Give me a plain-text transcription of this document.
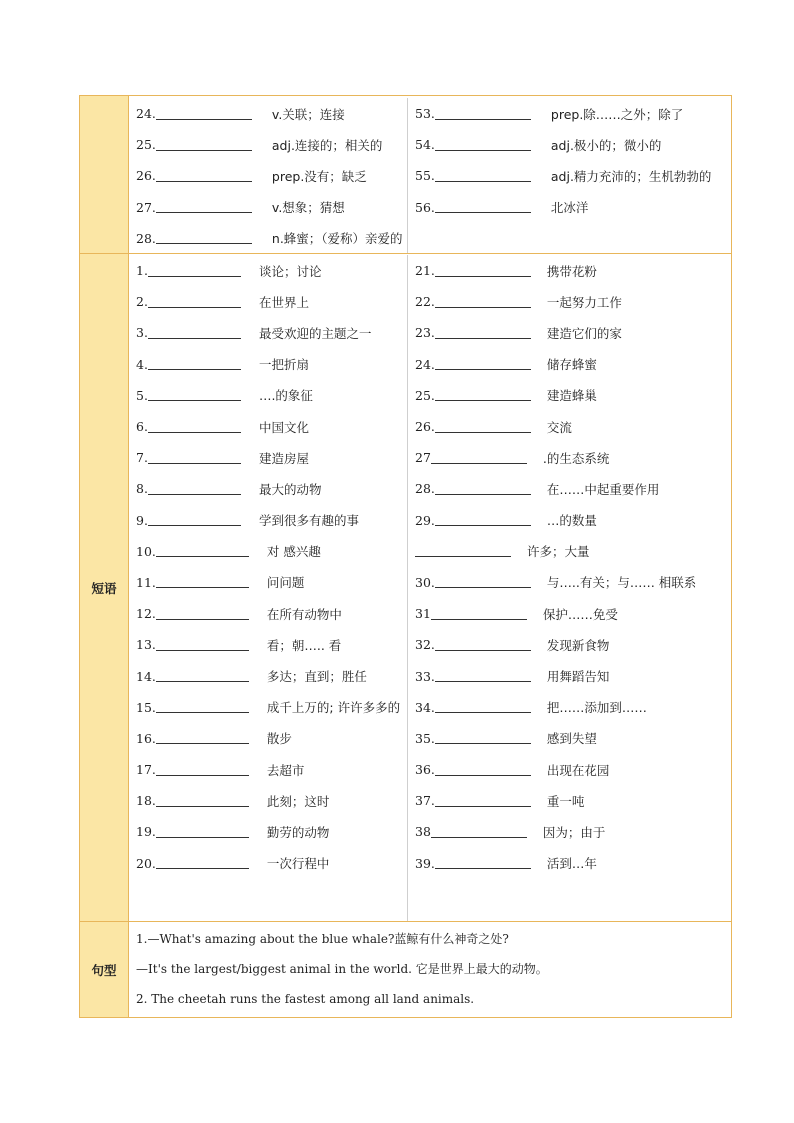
24.	v.关联；连接
25.	adj.连接的；相关的
26.	prep.没有；缺乏
27.	v.想象；猜想
28.	n.蜂蜜；（爱称）亲爱的
53.	prep.除……之外；除了
54.	adj.极小的；微小的
55.	adj.精力充沛的；生机勃勃的
56.	北冰洋
短语
1.	谈论；讨论
2.	在世界上
3.	最受欢迎的主题之一
4.	一把折扇
5.	….的象征
6.	中国文化
7.	建造房屋
8.	最大的动物
9.	学到很多有趣的事
10.	对 感兴趣
11.	问问题
12.	在所有动物中
13.	看；朝….. 看
14.	多达；直到；胜任
15.	成千上万的; 许许多多的
16.	散步
17.	去超市
18.	此刻；这时
19.	勤劳的动物
20.	一次行程中
21.	携带花粉
22.	一起努力工作
23.	建造它们的家
24.	储存蜂蜜
25.	建造蜂巢
26.	交流
27	.的生态系统
28.	在……中起重要作用
29.	…的数量
许多；大量
30.	与…..有关；与…… 相联系
31	保护……免受
32.	发现新食物
33.	用舞蹈告知
34.	把……添加到……
35.	感到失望
36.	出现在花园
37.	重一吨
38	因为；由于
39.	活到…年
句型
1.—What's amazing about the blue whale?蓝鲸有什么神奇之处?
—It's the largest/biggest animal in the world. 它是世界上最大的动物。
2. The cheetah runs the fastest among all land animals.
